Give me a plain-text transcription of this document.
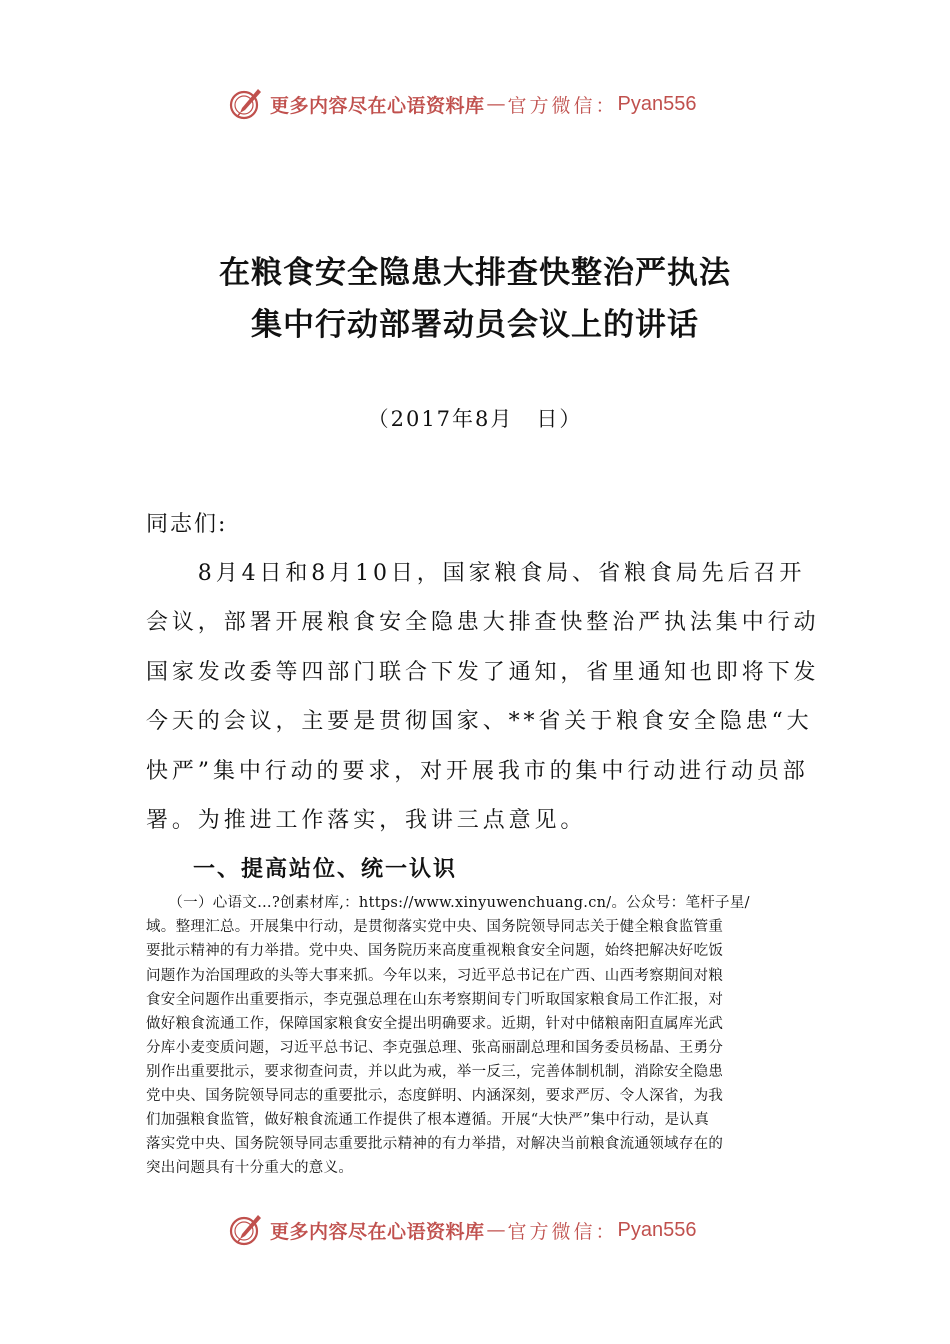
更多内容尽在心语资料库 — 官方微信： Pyan556
在粮食安全隐患大排查快整治严执法
集中行动部署动员会议上的讲话
（2017年8月　日）
同志们:
　　8月4日和8月10日，国家粮食局、省粮食局先后召开
会议，部署开展粮食安全隐患大排查快整治严执法集中行动
国家发改委等四部门联合下发了通知，省里通知也即将下发
今天的会议，主要是贯彻国家、**省关于粮食安全隐患“大
快严”集中行动的要求，对开展我市的集中行动进行动员部
署。为推进工作落实，我讲三点意见。
一、提高站位、统一认识
　　（一）心语文…?创素材库,：https://www.xinyuwenchuang.cn/。公众号：笔杆子星/
域。整理汇总。开展集中行动，是贯彻落实党中央、国务院领导同志关于健全粮食监管重
要批示精神的有力举措。党中央、国务院历来高度重视粮食安全问题，始终把解决好吃饭
问题作为治国理政的头等大事来抓。今年以来，习近平总书记在广西、山西考察期间对粮
食安全问题作出重要指示，李克强总理在山东考察期间专门听取国家粮食局工作汇报，对
做好粮食流通工作，保障国家粮食安全提出明确要求。近期，针对中储粮南阳直属库光武
分库小麦变质问题，习近平总书记、李克强总理、张高丽副总理和国务委员杨晶、王勇分
别作出重要批示，要求彻查问责，并以此为戒，举一反三，完善体制机制，消除安全隐患
党中央、国务院领导同志的重要批示，态度鲜明、内涵深刻，要求严厉、令人深省，为我
们加强粮食监管，做好粮食流通工作提供了根本遵循。开展“大快严”集中行动，是认真
落实党中央、国务院领导同志重要批示精神的有力举措，对解决当前粮食流通领域存在的
突出问题具有十分重大的意义。
更多内容尽在心语资料库 — 官方微信： Pyan556
